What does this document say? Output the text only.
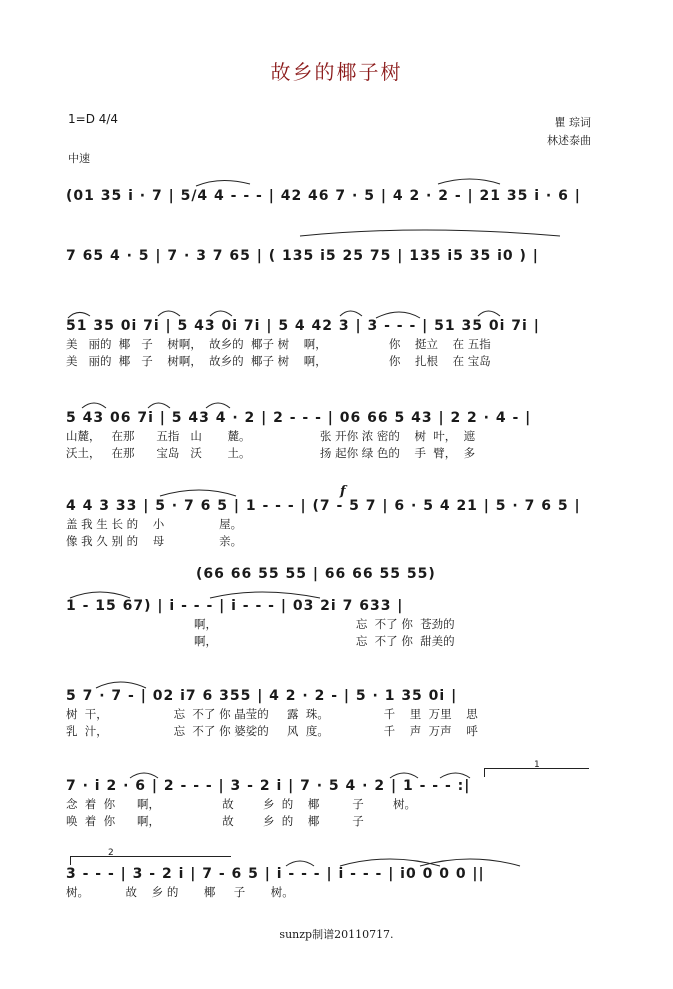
故乡的椰子树
1=D 4/4
中速
瞿 琮词
林述泰曲
(01 35 i · 7 | 5/4 4 - - - | 42 46 7 · 5 | 4 2 · 2 - | 21 35 i · 6 |
7 65 4 · 5 | 7 · 3 7 65 | ( 135 i5 25 75 | 135 i5 35 i0 ) |
51 35 0i 7i | 5 43 0i 7i | 5 4 42 3 | 3 - - - | 51 35 0i 7i |
美   丽的  椰   子    树啊，  故乡的  椰子 树    啊，                 你    挺立    在 五指
美   丽的  椰   子    树啊，  故乡的  椰子 树    啊，                 你    扎根    在 宝岛
5 43 06 7i | 5 43 4 · 2 | 2 - - - | 06 66 5 43 | 2 2 · 4 - |
山麓，   在那      五指   山       麓。                   张 开你 浓 密的    树  叶，  遮
沃土，   在那      宝岛   沃       土。                   扬 起你 绿 色的    手  臂，  多
4 4 3 33 | 5 · 7 6 5 | 1 - - - | (7 - 5 7 | 6 · 5 4 21 | 5 · 7 6 5 |
盖 我 生 长 的    小               屋。
像 我 久 别 的    母               亲。
f
(66 66 55 55 | 66 66 55 55)
1 - 15 67) | i - - - | i - - - | 03 2i 7 633 |
啊，                                      忘  不了 你  苍劲的
啊，                                      忘  不了 你  甜美的
5 7 · 7 - | 02 i7 6 355 | 4 2 · 2 - | 5 · 1 35 0i |
树  干，                  忘  不了 你 晶莹的     露  珠。               千    里  万里    思
乳  汁，                  忘  不了 你 婆娑的     风  度。               千    声  万声    呼
1
7 · i 2 · 6 | 2 - - - | 3 - 2 i | 7 · 5 4 · 2 | 1 - - - :|
念  着  你      啊，                 故        乡  的    椰         子        树。
唤  着  你      啊，                 故        乡  的    椰         子
2
3 - - - | 3 - 2 i | 7 - 6 5 | i - - - | i - - - | i0 0 0 0 ||
树。          故    乡 的       椰     子       树。
sunzp制谱20110717.
